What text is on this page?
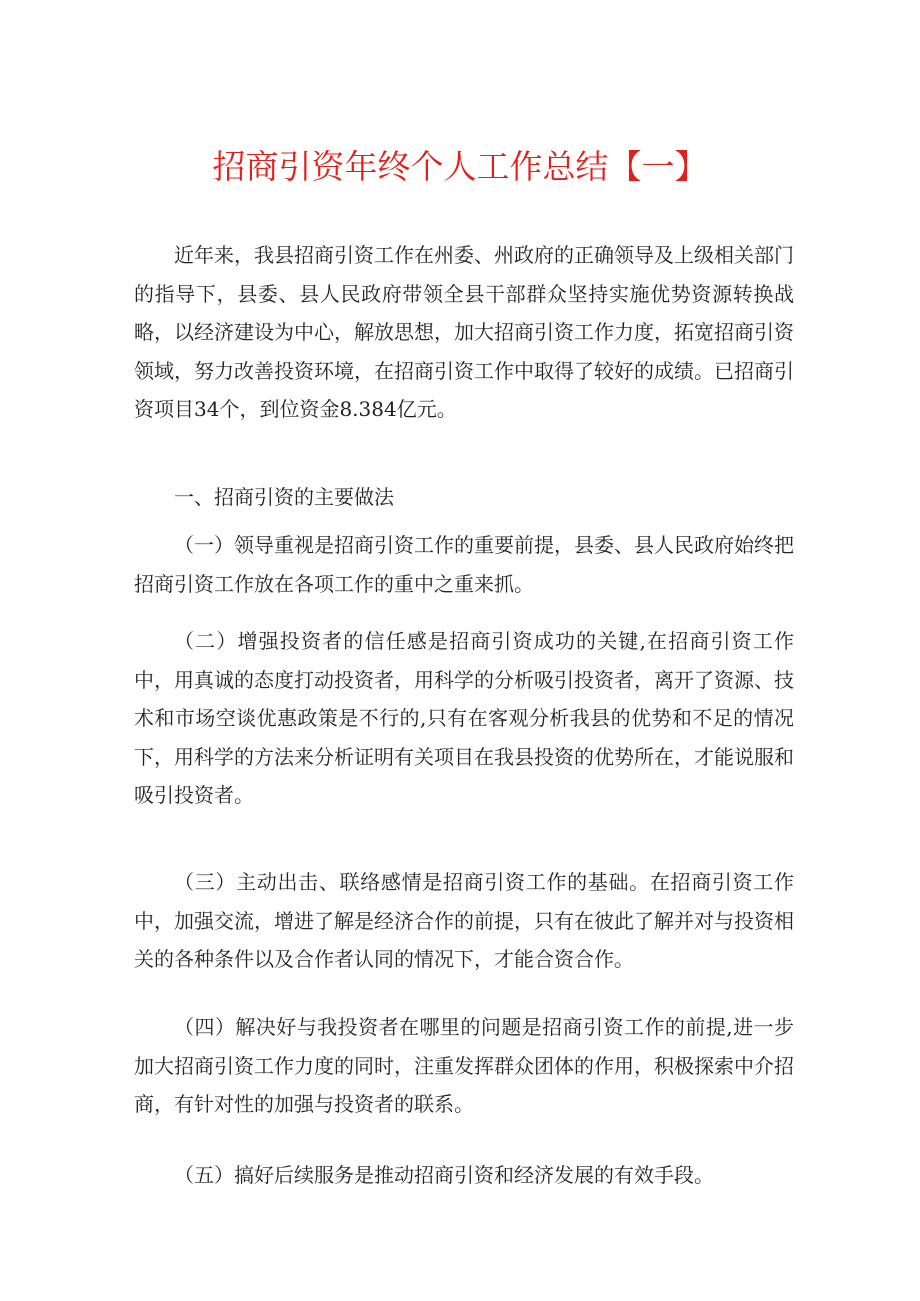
招商引资年终个人工作总结【一】

近年来，我县招商引资工作在州委、州政府的正确领导及上级相关部门的指导下，县委、县人民政府带领全县干部群众坚持实施优势资源转换战略，以经济建设为中心，解放思想，加大招商引资工作力度，拓宽招商引资领域，努力改善投资环境，在招商引资工作中取得了较好的成绩。已招商引资项目34个，到位资金8.384亿元。

一、招商引资的主要做法

（一）领导重视是招商引资工作的重要前提，县委、县人民政府始终把招商引资工作放在各项工作的重中之重来抓。

（二）增强投资者的信任感是招商引资成功的关键,在招商引资工作中，用真诚的态度打动投资者，用科学的分析吸引投资者，离开了资源、技术和市场空谈优惠政策是不行的,只有在客观分析我县的优势和不足的情况下，用科学的方法来分析证明有关项目在我县投资的优势所在，才能说服和吸引投资者。

（三）主动出击、联络感情是招商引资工作的基础。在招商引资工作中，加强交流，增进了解是经济合作的前提，只有在彼此了解并对与投资相关的各种条件以及合作者认同的情况下，才能合资合作。

（四）解决好与我投资者在哪里的问题是招商引资工作的前提,进一步加大招商引资工作力度的同时，注重发挥群众团体的作用，积极探索中介招商，有针对性的加强与投资者的联系。

（五）搞好后续服务是推动招商引资和经济发展的有效手段。
